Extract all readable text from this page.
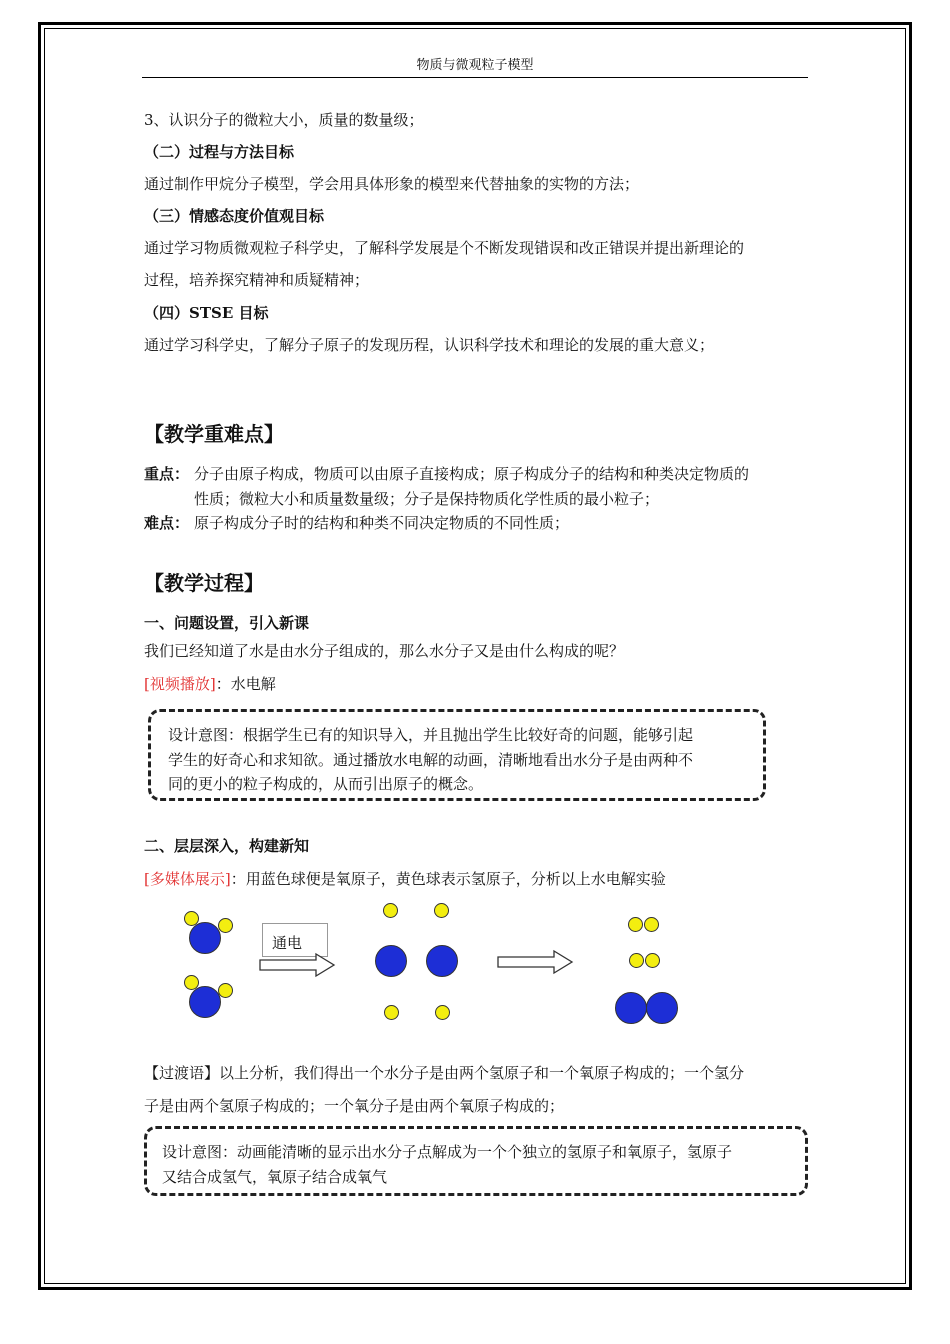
物质与微观粒子模型
3、认识分子的微粒大小，质量的数量级；
（二）过程与方法目标
通过制作甲烷分子模型，学会用具体形象的模型来代替抽象的实物的方法；
（三）情感态度价值观目标
通过学习物质微观粒子科学史，了解科学发展是个不断发现错误和改正错误并提出新理论的
过程，培养探究精神和质疑精神；
（四）STSE 目标
通过学习科学史，了解分子原子的发现历程，认识科学技术和理论的发展的重大意义；
【教学重难点】
重点： 分子由原子构成，物质可以由原子直接构成；原子构成分子的结构和种类决定物质的
性质；微粒大小和质量数量级；分子是保持物质化学性质的最小粒子；
难点： 原子构成分子时的结构和种类不同决定物质的不同性质；
【教学过程】
一、问题设置，引入新课
我们已经知道了水是由水分子组成的，那么水分子又是由什么构成的呢？
[视频播放]：水电解
设计意图：根据学生已有的知识导入，并且抛出学生比较好奇的问题，能够引起
学生的好奇心和求知欲。通过播放水电解的动画，清晰地看出水分子是由两种不
同的更小的粒子构成的，从而引出原子的概念。
二、层层深入，构建新知
[多媒体展示]：用蓝色球便是氧原子，黄色球表示氢原子，分析以上水电解实验
通电
【过渡语】以上分析，我们得出一个水分子是由两个氢原子和一个氧原子构成的；一个氢分
子是由两个氢原子构成的；一个氧分子是由两个氧原子构成的；
设计意图：动画能清晰的显示出水分子点解成为一个个独立的氢原子和氧原子，氢原子
又结合成氢气，氧原子结合成氧气
